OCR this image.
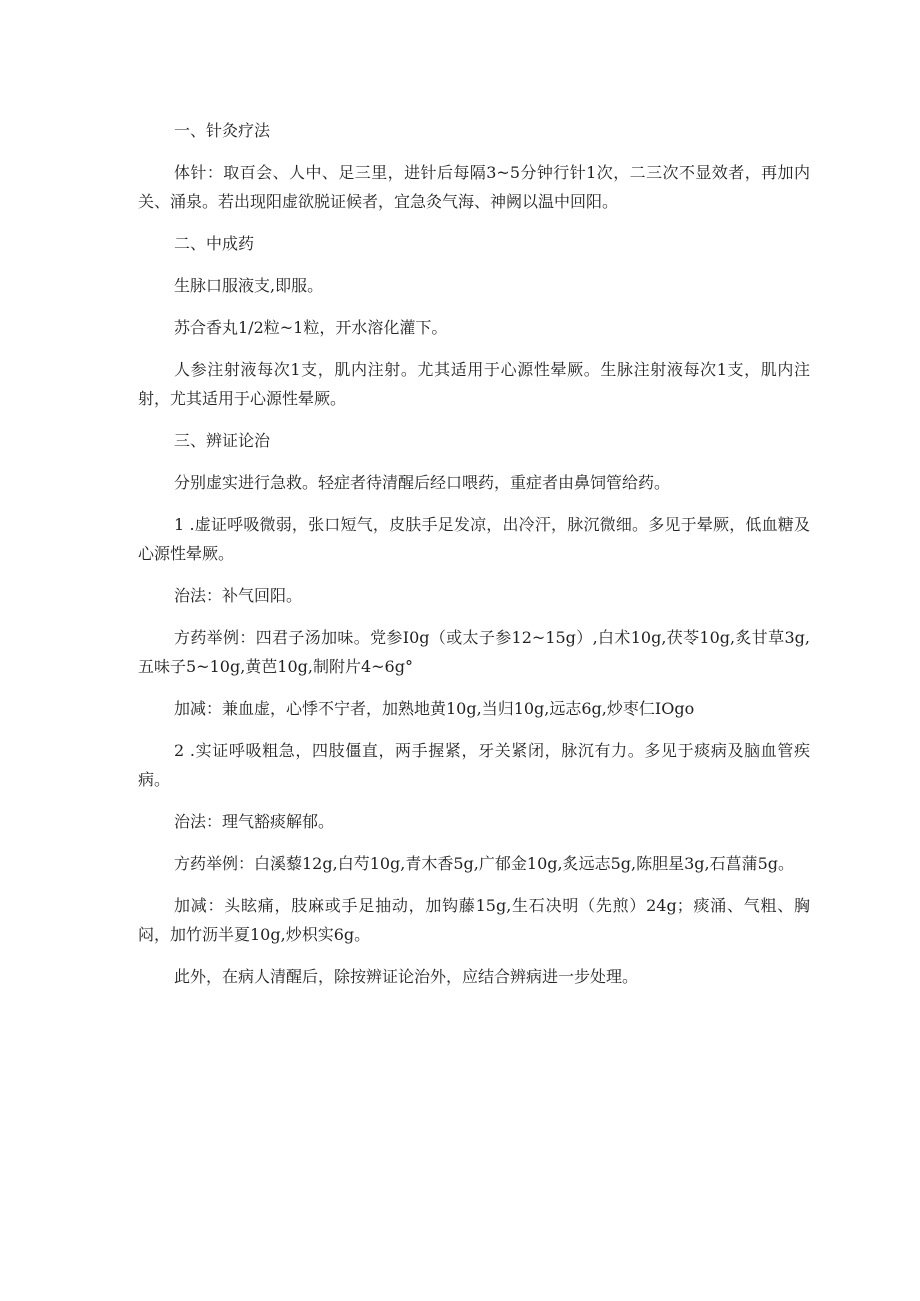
一、针灸疗法

体针：取百会、人中、足三里，进针后每隔3~5分钟行针1次，二三次不显效者，再加内关、涌泉。若出现阳虚欲脱证候者，宜急灸气海、神阙以温中回阳。

二、中成药

生脉口服液支,即服。

苏合香丸1/2粒~1粒，开水溶化灌下。

人参注射液每次1支，肌内注射。尤其适用于心源性晕厥。生脉注射液每次1支，肌内注射，尤其适用于心源性晕厥。

三、辨证论治

分别虚实进行急救。轻症者待清醒后经口喂药，重症者由鼻饲管给药。

1 .虚证呼吸微弱，张口短气，皮肤手足发凉，出冷汗，脉沉微细。多见于晕厥，低血糖及心源性晕厥。

治法：补气回阳。

方药举例：四君子汤加味。党参I0g（或太子参12~15g）,白术10g,茯苓10g,炙甘草3g,五味子5~10g,黄芭10g,制附片4~6g°

加减：兼血虚，心悸不宁者，加熟地黄10g,当归10g,远志6g,炒枣仁IOgo

2 .实证呼吸粗急，四肢僵直，两手握紧，牙关紧闭，脉沉有力。多见于痰病及脑血管疾病。

治法：理气豁痰解郁。

方药举例：白溪藜12g,白芍10g,青木香5g,广郁金10g,炙远志5g,陈胆星3g,石菖蒲5g。

加减：头眩痛，肢麻或手足抽动，加钩藤15g,生石决明（先煎）24g；痰涌、气粗、胸闷，加竹沥半夏10g,炒枳实6g。

此外，在病人清醒后，除按辨证论治外，应结合辨病进一步处理。
